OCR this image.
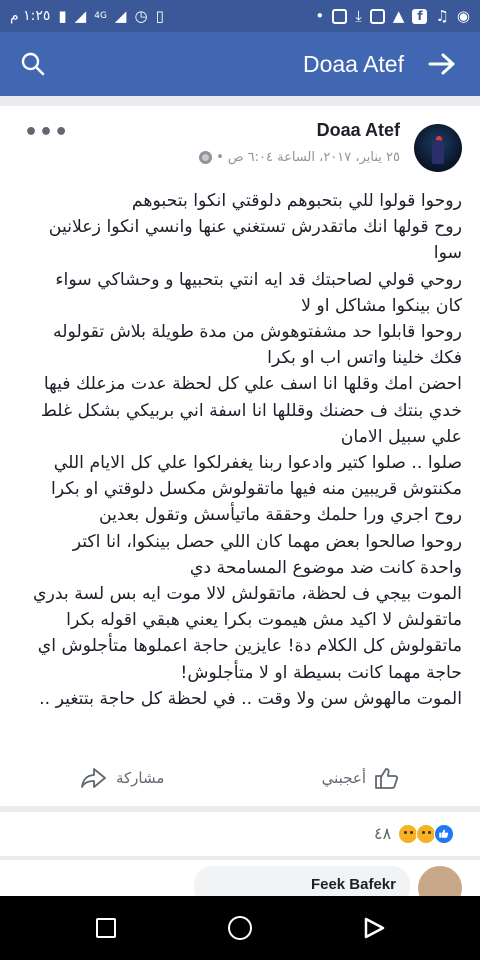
١:٢٥ م ▮ ◢ 4G ◢ ◷ ▯	• ⤓ ▲	f ♫ ◉
Doaa Atef
Doaa Atef
٢٥ يناير، ٢٠١٧، الساعة ٦:٠٤ ص
•
•••
روحوا قولوا للي بتحبوهم دلوقتي انكوا بتحبوهم
روح قولها انك ماتقدرش تستغني عنها وانسي انكوا زعلانين
سوا
روحي قولي لصاحبتك قد ايه انتي بتحبيها و وحشاكي سواء
كان بينكوا مشاكل او لا
روحوا قابلوا حد مشفتوهوش من مدة طويلة بلاش تقولوله
فكك خلينا واتس اب او بكرا
احضن امك وقلها انا اسف علي كل لحظة عدت مزعلك فيها
خدي بنتك ف حضنك وقللها انا اسفة اني بربيكي بشكل غلط
علي سبيل الامان
صلوا .. صلوا كتير وادعوا ربنا يغفرلكوا علي كل الايام اللي
مكنتوش قريبين منه فيها ماتقولوش مكسل دلوقتي او بكرا
روح اجري ورا حلمك وحققة ماتيأسش وتقول بعدين
روحوا صالحوا بعض مهما كان اللي حصل بينكوا، انا اكتر
واحدة كانت ضد موضوع المسامحة دي
الموت بيجي ف لحظة، ماتقولش لالا موت ايه بس لسة بدري
ماتقولش لا اكيد مش هيموت بكرا يعني هبقي اقوله بكرا
ماتقولوش كل الكلام دة! عايزين حاجة اعملوها متأجلوش اي
حاجة مهما كانت بسيطة او لا متأجلوش!
الموت مالهوش سن ولا وقت .. في لحظة كل حاجة بتتغير ..
أعجبني
مشاركة
٤٨
Feek Bafekr
